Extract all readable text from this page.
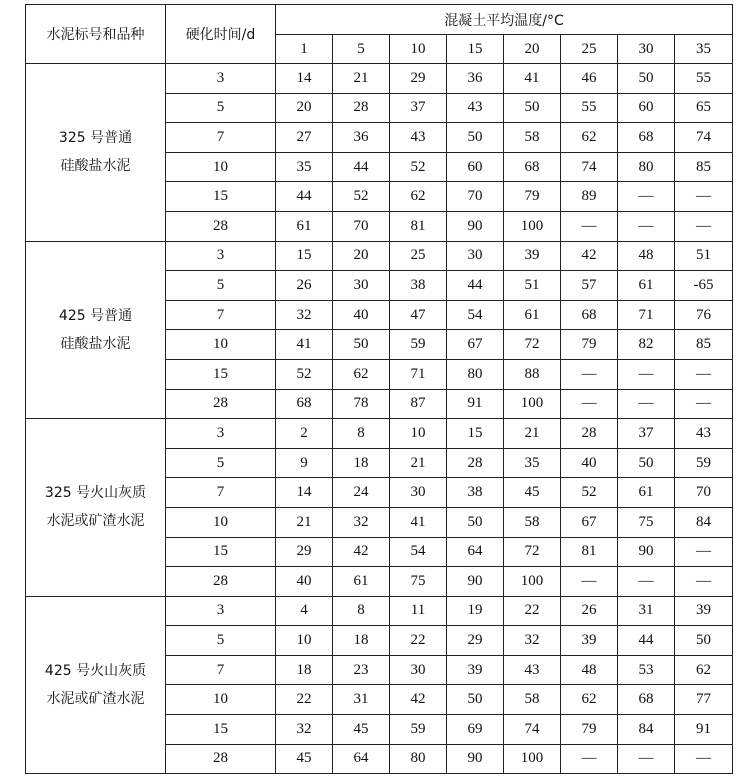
水泥标号和品种	硬化时间/d	混凝土平均温度/°C							
		1	5	10	15	20	25	30	35

325 号普通
硅酸盐水泥	3	14	21	29	36	41	46	50	55
	5	20	28	37	43	50	55	60	65
	7	27	36	43	50	58	62	68	74
	10	35	44	52	60	68	74	80	85
	15	44	52	62	70	79	89	—	—
	28	61	70	81	90	100	—	—	—

425 号普通
硅酸盐水泥	3	15	20	25	30	39	42	48	51
	5	26	30	38	44	51	57	61	-65
	7	32	40	47	54	61	68	71	76
	10	41	50	59	67	72	79	82	85
	15	52	62	71	80	88	—	—	—
	28	68	78	87	91	100	—	—	—

325 号火山灰质
水泥或矿渣水泥	3	2	8	10	15	21	28	37	43
	5	9	18	21	28	35	40	50	59
	7	14	24	30	38	45	52	61	70
	10	21	32	41	50	58	67	75	84
	15	29	42	54	64	72	81	90	—
	28	40	61	75	90	100	—	—	—

425 号火山灰质
水泥或矿渣水泥	3	4	8	11	19	22	26	31	39
	5	10	18	22	29	32	39	44	50
	7	18	23	30	39	43	48	53	62
	10	22	31	42	50	58	62	68	77
	15	32	45	59	69	74	79	84	91
	28	45	64	80	90	100	—	—	—
